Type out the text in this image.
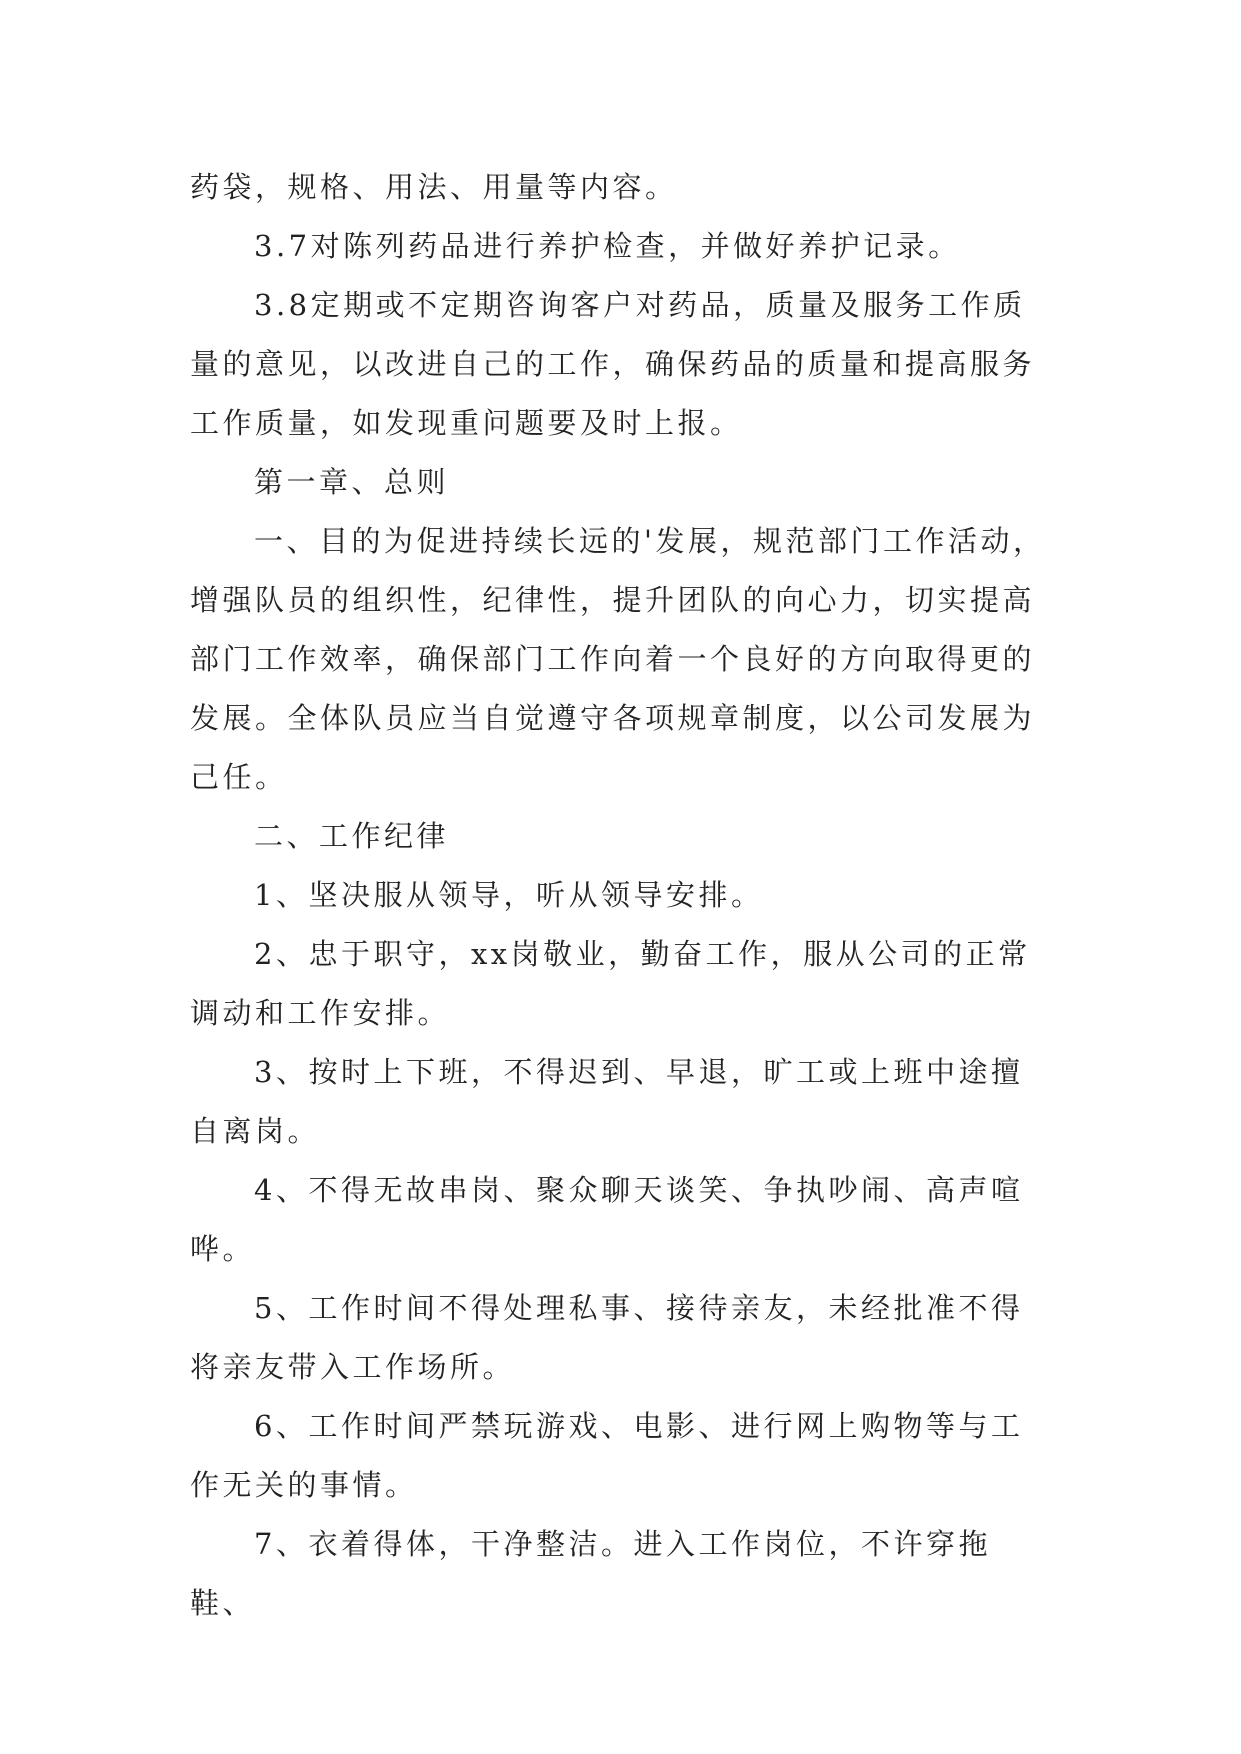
药袋，规格、用法、用量等内容。

3.7对陈列药品进行养护检查，并做好养护记录。

3.8定期或不定期咨询客户对药品，质量及服务工作质量的意见，以改进自己的工作，确保药品的质量和提高服务工作质量，如发现重问题要及时上报。

第一章、总则

一、目的为促进持续长远的'发展，规范部门工作活动，增强队员的组织性，纪律性，提升团队的向心力，切实提高部门工作效率，确保部门工作向着一个良好的方向取得更的发展。全体队员应当自觉遵守各项规章制度，以公司发展为己任。

二、工作纪律

1、坚决服从领导，听从领导安排。

2、忠于职守，xx岗敬业，勤奋工作，服从公司的正常调动和工作安排。

3、按时上下班，不得迟到、早退，旷工或上班中途擅自离岗。

4、不得无故串岗、聚众聊天谈笑、争执吵闹、高声喧哗。

5、工作时间不得处理私事、接待亲友，未经批准不得将亲友带入工作场所。

6、工作时间严禁玩游戏、电影、进行网上购物等与工作无关的事情。

7、衣着得体，干净整洁。进入工作岗位，不许穿拖鞋、
